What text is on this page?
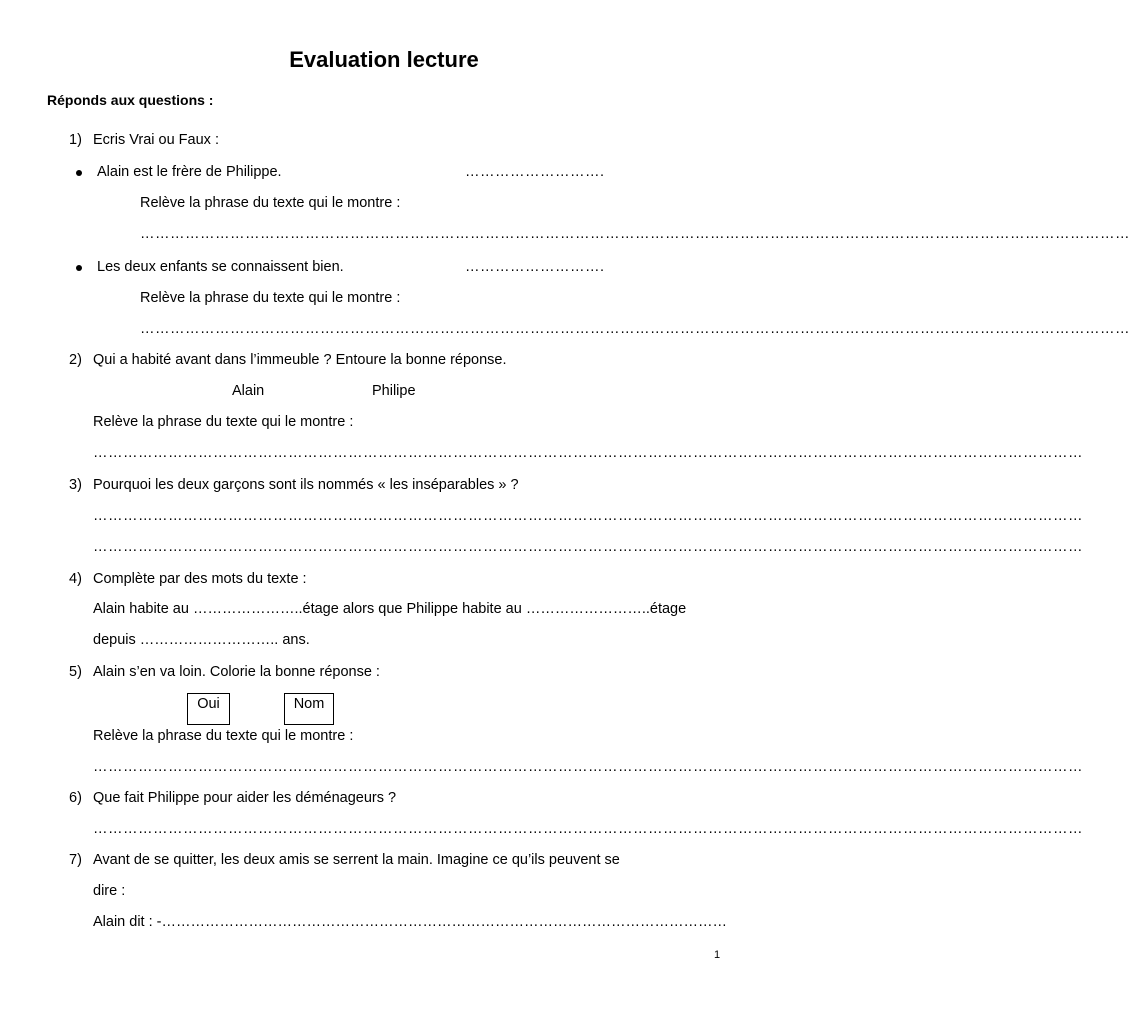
Evaluation lecture
Réponds aux questions :
1) Ecris Vrai ou Faux :
Alain est le frère de Philippe.	……………………….
Relève la phrase du texte qui le montre :
………………………………………………………………………………………………………………………………………………………………………………
Les deux enfants se connaissent bien.	……………………….
Relève la phrase du texte qui le montre :
………………………………………………………………………………………………………………………………………………………………………………
2) Qui a habité avant dans l’immeuble ? Entoure la bonne réponse.
Alain	Philipe
Relève la phrase du texte qui le montre :
………………………………………………………………………………………………………………………………………………………………………………
3) Pourquoi les deux garçons sont ils nommés « les inséparables » ?
………………………………………………………………………………………………………………………………………………………………………………
………………………………………………………………………………………………………………………………………………………………………………
4) Complète par des mots du texte :
Alain habite au …………………..étage alors que Philippe habite au ……………………..étage
depuis ……………………….. ans.
5) Alain s’en va loin. Colorie la bonne réponse :
Oui	Nom
Relève la phrase du texte qui le montre :
………………………………………………………………………………………………………………………………………………………………………………
6) Que fait Philippe pour aider les déménageurs ?
………………………………………………………………………………………………………………………………………………………………………………
7) Avant de se quitter, les deux amis se serrent la main. Imagine ce qu’ils peuvent se
dire :
Alain dit : -………………………………………………………………………………………………………
1
